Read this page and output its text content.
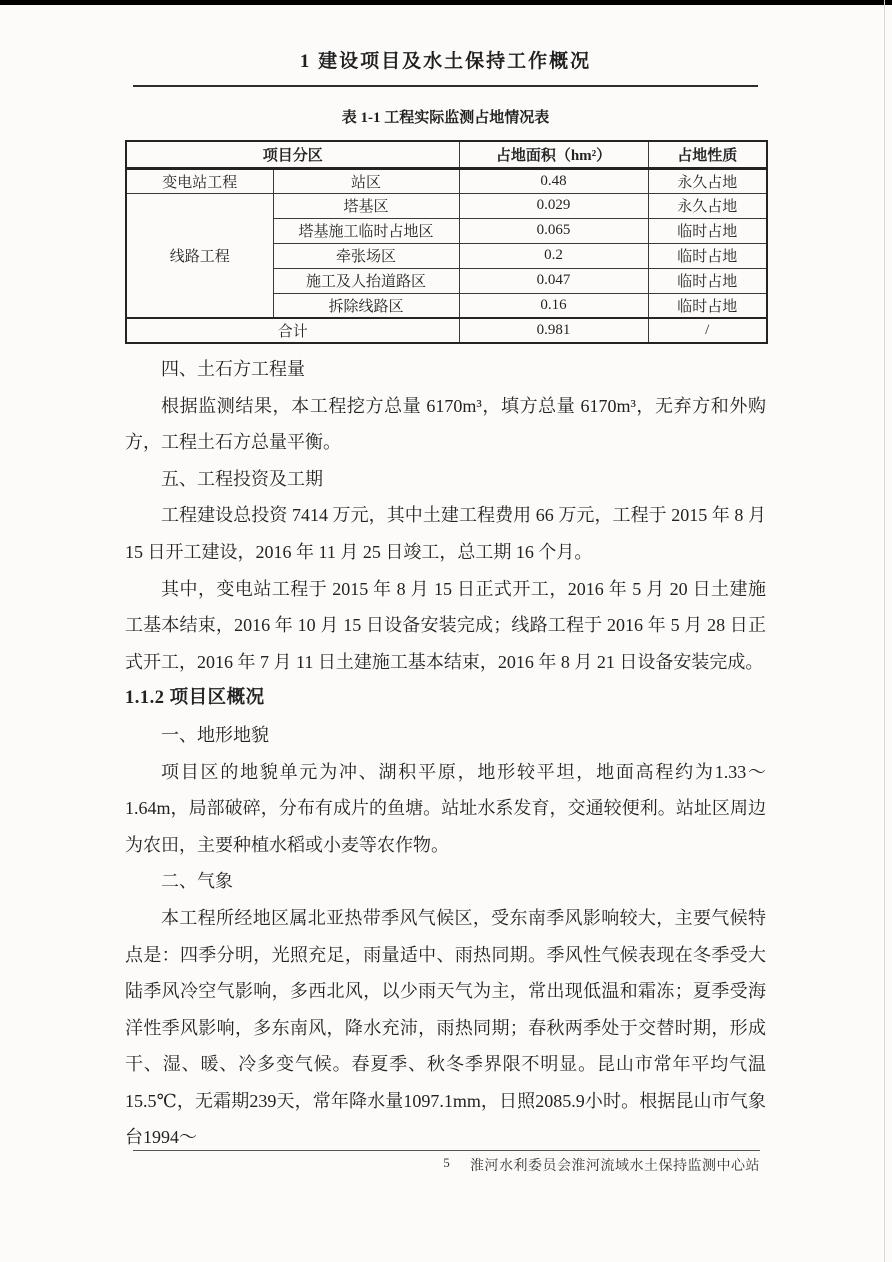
1 建设项目及水土保持工作概况
表 1-1 工程实际监测占地情况表
项目分区		占地面积（hm²）	占地性质
变电站工程	站区	0.48	永久占地
线路工程	塔基区	0.029	永久占地
	塔基施工临时占地区	0.065	临时占地
	牵张场区	0.2	临时占地
	施工及人抬道路区	0.047	临时占地
	拆除线路区	0.16	临时占地
合计		0.981	/
四、土石方工程量
根据监测结果，本工程挖方总量 6170m³，填方总量 6170m³，无弃方和外购方，工程土石方总量平衡。
五、工程投资及工期
工程建设总投资 7414 万元，其中土建工程费用 66 万元，工程于 2015 年 8 月 15 日开工建设，2016 年 11 月 25 日竣工，总工期 16 个月。
其中，变电站工程于 2015 年 8 月 15 日正式开工，2016 年 5 月 20 日土建施工基本结束，2016 年 10 月 15 日设备安装完成；线路工程于 2016 年 5 月 28 日正式开工，2016 年 7 月 11 日土建施工基本结束，2016 年 8 月 21 日设备安装完成。
1.1.2 项目区概况
一、地形地貌
项目区的地貌单元为冲、湖积平原，地形较平坦，地面高程约为1.33～1.64m，局部破碎，分布有成片的鱼塘。站址水系发育，交通较便利。站址区周边为农田，主要种植水稻或小麦等农作物。
二、气象
本工程所经地区属北亚热带季风气候区，受东南季风影响较大，主要气候特点是：四季分明，光照充足，雨量适中、雨热同期。季风性气候表现在冬季受大陆季风冷空气影响，多西北风，以少雨天气为主，常出现低温和霜冻；夏季受海洋性季风影响，多东南风，降水充沛，雨热同期；春秋两季处于交替时期，形成干、湿、暖、冷多变气候。春夏季、秋冬季界限不明显。昆山市常年平均气温15.5℃，无霜期239天，常年降水量1097.1mm，日照2085.9小时。根据昆山市气象台1994～
5	淮河水利委员会淮河流域水土保持监测中心站
